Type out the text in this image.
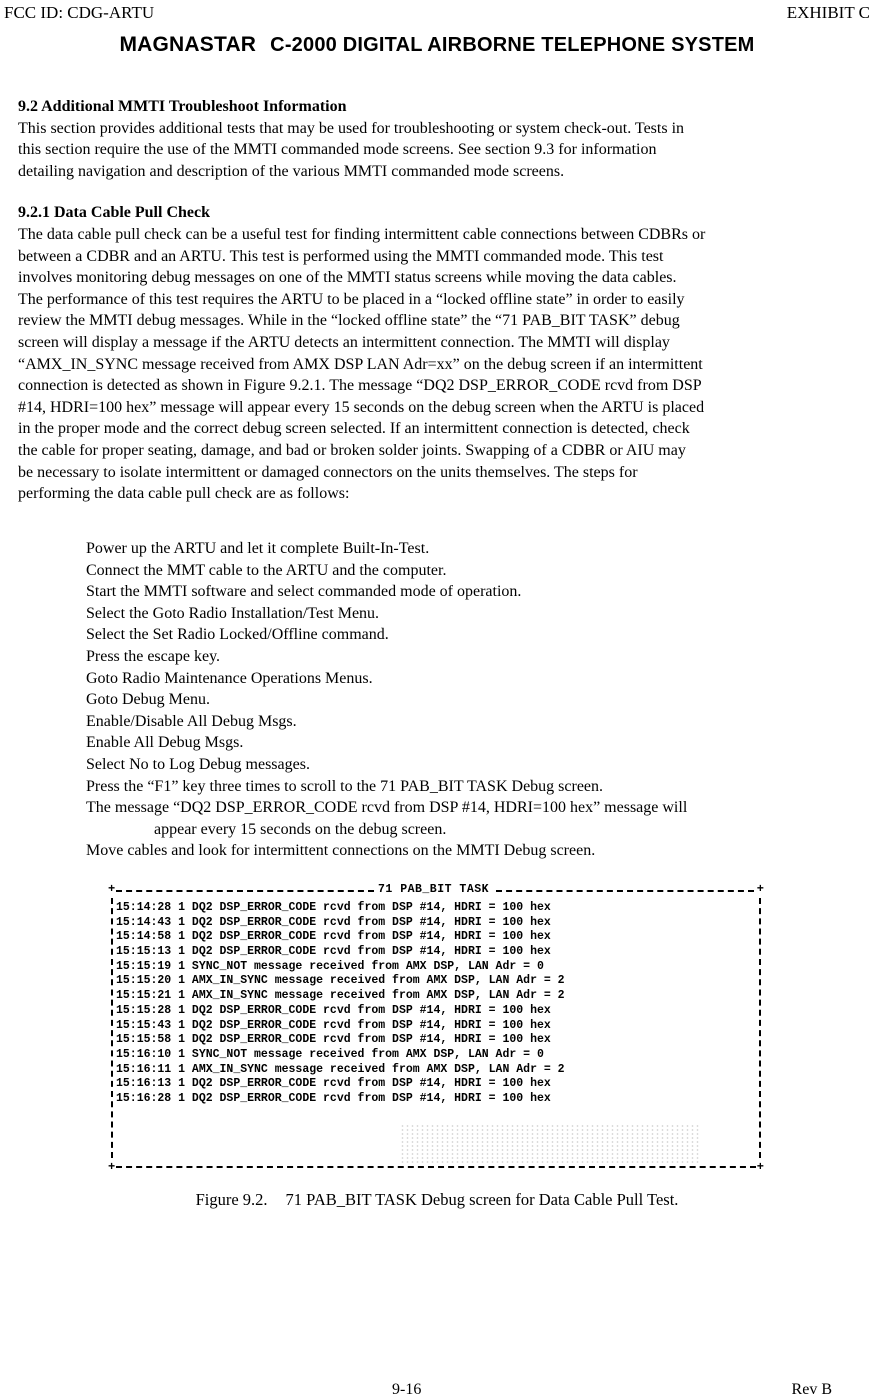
FCC ID: CDG-ARTU	EXHIBIT C
MAGNASTAR C-2000 DIGITAL AIRBORNE TELEPHONE SYSTEM

9.2 Additional MMTI Troubleshoot Information

This section provides additional tests that may be used for troubleshooting or system check-out. Tests in

this section require the use of the MMTI commanded mode screens. See section 9.3 for information

detailing navigation and description of the various MMTI commanded mode screens.

9.2.1 Data Cable Pull Check

The data cable pull check can be a useful test for finding intermittent cable connections between CDBRs or

between a CDBR and an ARTU. This test is performed using the MMTI commanded mode. This test

involves monitoring debug messages on one of the MMTI status screens while moving the data cables.

The performance of this test requires the ARTU to be placed in a “locked offline state” in order to easily

review the MMTI debug messages. While in the “locked offline state” the “71 PAB_BIT TASK” debug

screen will display a message if the ARTU detects an intermittent connection. The MMTI will display

“AMX_IN_SYNC message received from AMX DSP LAN Adr=xx” on the debug screen if an intermittent

connection is detected as shown in Figure 9.2.1. The message “DQ2 DSP_ERROR_CODE rcvd from DSP

#14, HDRI=100 hex” message will appear every 15 seconds on the debug screen when the ARTU is placed

in the proper mode and the correct debug screen selected. If an intermittent connection is detected, check

the cable for proper seating, damage, and bad or broken solder joints. Swapping of a CDBR or AIU may

be necessary to isolate intermittent or damaged connectors on the units themselves. The steps for

performing the data cable pull check are as follows:

Power up the ARTU and let it complete Built-In-Test.

Connect the MMT cable to the ARTU and the computer.

Start the MMTI software and select commanded mode of operation.

Select the Goto Radio Installation/Test Menu.

Select the Set Radio Locked/Offline command.

Press the escape key.

Goto Radio Maintenance Operations Menus.

Goto Debug Menu.

Enable/Disable All Debug Msgs.

Enable All Debug Msgs.

Select No to Log Debug messages.

Press the “F1” key three times to scroll to the 71 PAB_BIT TASK Debug screen.

The message “DQ2 DSP_ERROR_CODE rcvd from DSP #14, HDRI=100 hex” message will
appear every 15 seconds on the debug screen.

Move cables and look for intermittent connections on the MMTI Debug screen.

+	+
71 PAB_BIT TASK
15:14:28 1 DQ2 DSP_ERROR_CODE rcvd from DSP #14, HDRI = 100 hex
15:14:43 1 DQ2 DSP_ERROR_CODE rcvd from DSP #14, HDRI = 100 hex
15:14:58 1 DQ2 DSP_ERROR_CODE rcvd from DSP #14, HDRI = 100 hex
15:15:13 1 DQ2 DSP_ERROR_CODE rcvd from DSP #14, HDRI = 100 hex
15:15:19 1 SYNC_NOT message received from AMX DSP, LAN Adr = 0
15:15:20 1 AMX_IN_SYNC message received from AMX DSP, LAN Adr = 2
15:15:21 1 AMX_IN_SYNC message received from AMX DSP, LAN Adr = 2
15:15:28 1 DQ2 DSP_ERROR_CODE rcvd from DSP #14, HDRI = 100 hex
15:15:43 1 DQ2 DSP_ERROR_CODE rcvd from DSP #14, HDRI = 100 hex
15:15:58 1 DQ2 DSP_ERROR_CODE rcvd from DSP #14, HDRI = 100 hex
15:16:10 1 SYNC_NOT message received from AMX DSP, LAN Adr = 0
15:16:11 1 AMX_IN_SYNC message received from AMX DSP, LAN Adr = 2
15:16:13 1 DQ2 DSP_ERROR_CODE rcvd from DSP #14, HDRI = 100 hex
15:16:28 1 DQ2 DSP_ERROR_CODE rcvd from DSP #14, HDRI = 100 hex
+	+
Figure 9.2. 71 PAB_BIT TASK Debug screen for Data Cable Pull Test.
9-16	Rev B
